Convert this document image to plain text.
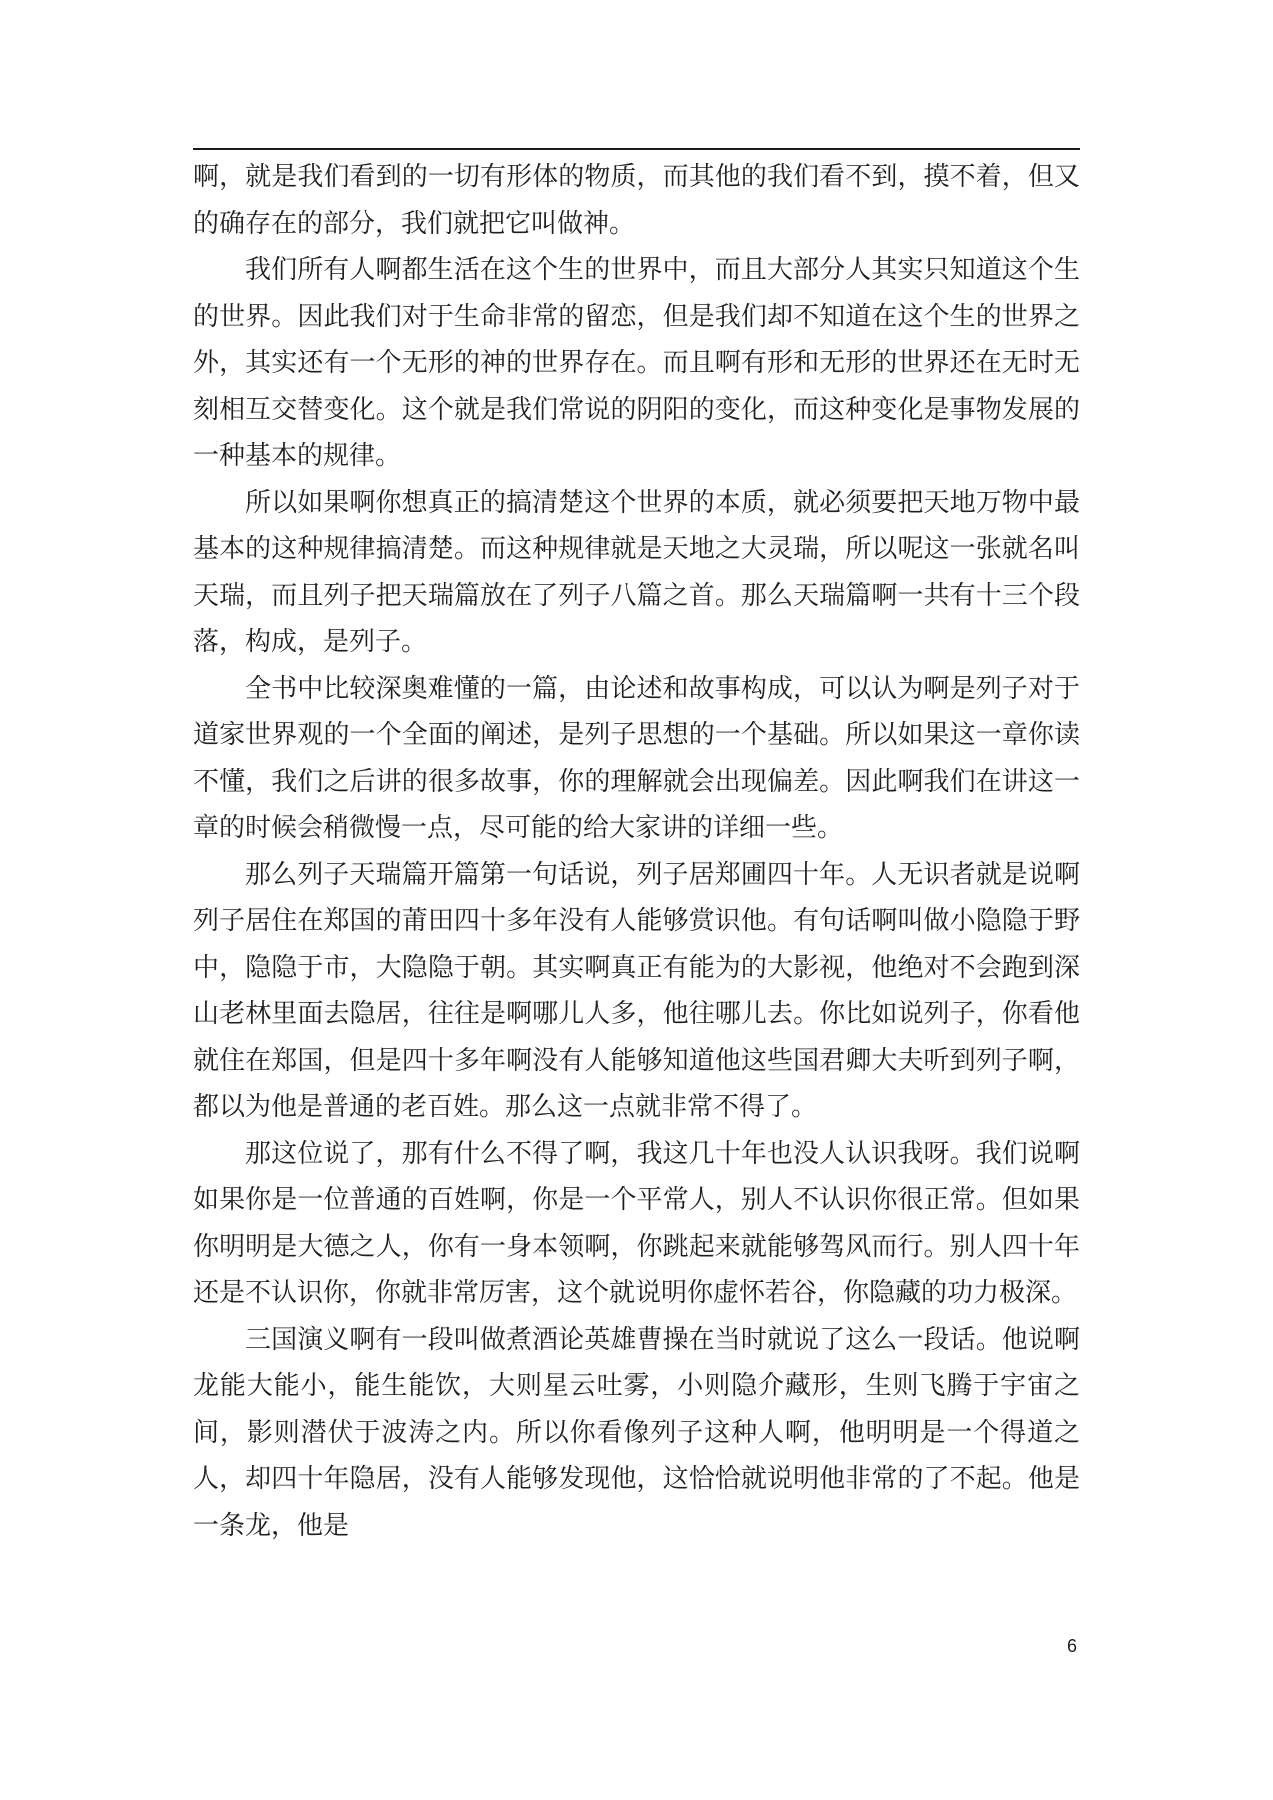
啊，就是我们看到的一切有形体的物质，而其他的我们看不到，摸不着，但又的确存在的部分，我们就把它叫做神。

我们所有人啊都生活在这个生的世界中，而且大部分人其实只知道这个生的世界。因此我们对于生命非常的留恋，但是我们却不知道在这个生的世界之外，其实还有一个无形的神的世界存在。而且啊有形和无形的世界还在无时无刻相互交替变化。这个就是我们常说的阴阳的变化，而这种变化是事物发展的一种基本的规律。

所以如果啊你想真正的搞清楚这个世界的本质，就必须要把天地万物中最基本的这种规律搞清楚。而这种规律就是天地之大灵瑞，所以呢这一张就名叫天瑞，而且列子把天瑞篇放在了列子八篇之首。那么天瑞篇啊一共有十三个段落，构成，是列子。

全书中比较深奥难懂的一篇，由论述和故事构成，可以认为啊是列子对于道家世界观的一个全面的阐述，是列子思想的一个基础。所以如果这一章你读不懂，我们之后讲的很多故事，你的理解就会出现偏差。因此啊我们在讲这一章的时候会稍微慢一点，尽可能的给大家讲的详细一些。

那么列子天瑞篇开篇第一句话说，列子居郑圃四十年。人无识者就是说啊列子居住在郑国的莆田四十多年没有人能够赏识他。有句话啊叫做小隐隐于野中，隐隐于市，大隐隐于朝。其实啊真正有能为的大影视，他绝对不会跑到深山老林里面去隐居，往往是啊哪儿人多，他往哪儿去。你比如说列子，你看他就住在郑国，但是四十多年啊没有人能够知道他这些国君卿大夫听到列子啊，都以为他是普通的老百姓。那么这一点就非常不得了。

那这位说了，那有什么不得了啊，我这几十年也没人认识我呀。我们说啊如果你是一位普通的百姓啊，你是一个平常人，别人不认识你很正常。但如果你明明是大德之人，你有一身本领啊，你跳起来就能够驾风而行。别人四十年还是不认识你，你就非常厉害，这个就说明你虚怀若谷，你隐藏的功力极深。

三国演义啊有一段叫做煮酒论英雄曹操在当时就说了这么一段话。他说啊龙能大能小，能生能饮，大则星云吐雾，小则隐介藏形，生则飞腾于宇宙之间，影则潜伏于波涛之内。所以你看像列子这种人啊，他明明是一个得道之人，却四十年隐居，没有人能够发现他，这恰恰就说明他非常的了不起。他是一条龙，他是

6
